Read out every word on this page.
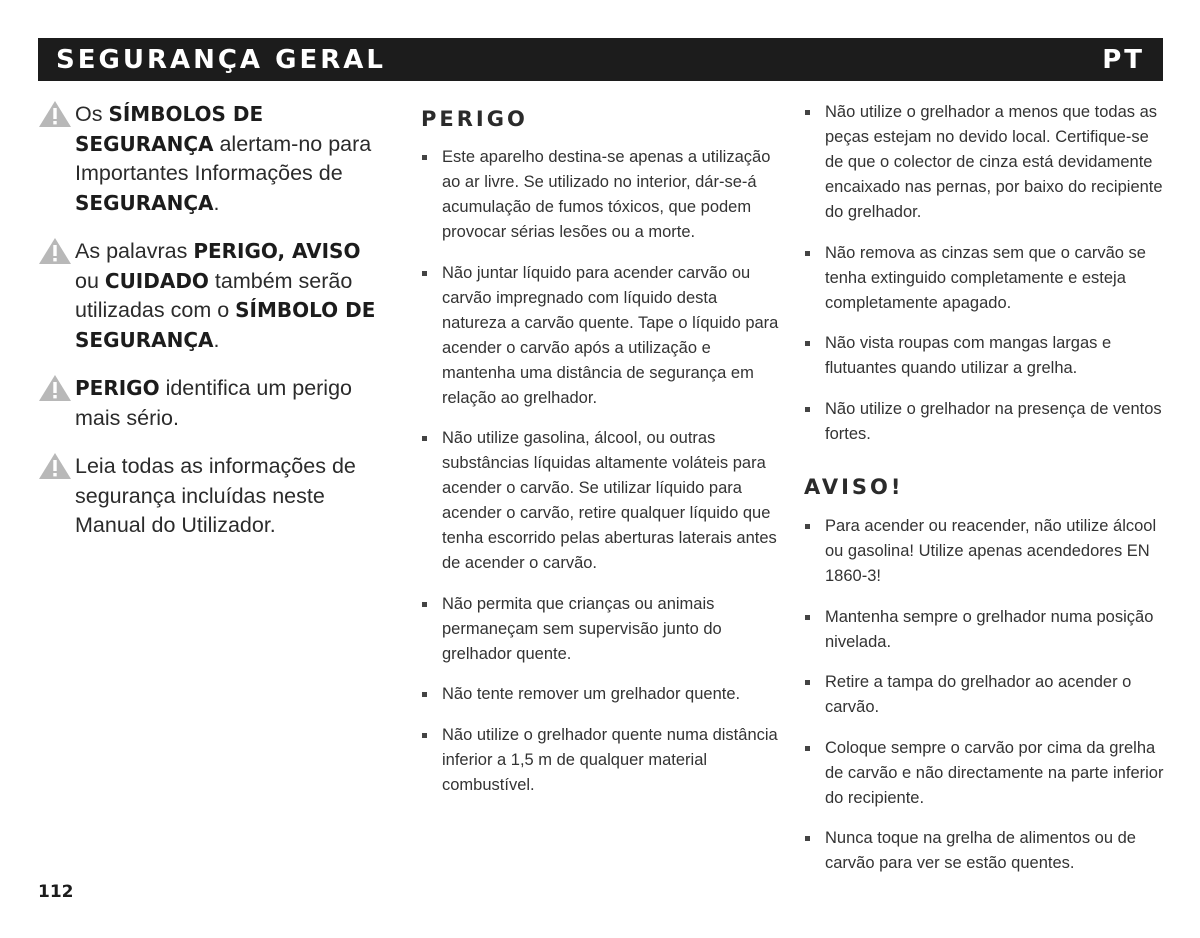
SEGURANÇA GERAL	PT
Os SÍMBOLOS DE SEGURANÇA alertam-no para Importantes Informações de SEGURANÇA.
As palavras PERIGO, AVISO ou CUIDADO também serão utilizadas com o SÍMBOLO DE SEGURANÇA.
PERIGO identifica um perigo mais sério.
Leia todas as informações de segurança incluídas neste Manual do Utilizador.
PERIGO
Este aparelho destina-se apenas a utilização ao ar livre. Se utilizado no interior, dár-se-á acumulação de fumos tóxicos, que podem provocar sérias lesões ou a morte.
Não juntar líquido para acender carvão ou carvão impregnado com líquido desta natureza a carvão quente. Tape o líquido para acender o carvão após a utilização e mantenha uma distância de segurança em relação ao grelhador.
Não utilize gasolina, álcool, ou outras substâncias líquidas altamente voláteis para acender o carvão. Se utilizar líquido para acender o carvão, retire qualquer líquido que tenha escorrido pelas aberturas laterais antes de acender o carvão.
Não permita que crianças ou animais permaneçam sem supervisão junto do grelhador quente.
Não tente remover um grelhador quente.
Não utilize o grelhador quente numa distância inferior a 1,5 m de qualquer material combustível.
Não utilize o grelhador a menos que todas as peças estejam no devido local. Certifique-se de que o colector de cinza está devidamente encaixado nas pernas, por baixo do recipiente do grelhador.
Não remova as cinzas sem que o carvão se tenha extinguido completamente e esteja completamente apagado.
Não vista roupas com mangas largas e flutuantes quando utilizar a grelha.
Não utilize o grelhador na presença de ventos fortes.
AVISO!
Para acender ou reacender, não utilize álcool ou gasolina! Utilize apenas acendedores EN 1860-3!
Mantenha sempre o grelhador numa posição nivelada.
Retire a tampa do grelhador ao acender o carvão.
Coloque sempre o carvão por cima da grelha de carvão e não directamente na parte inferior do recipiente.
Nunca toque na grelha de alimentos ou de carvão para ver se estão quentes.
112
